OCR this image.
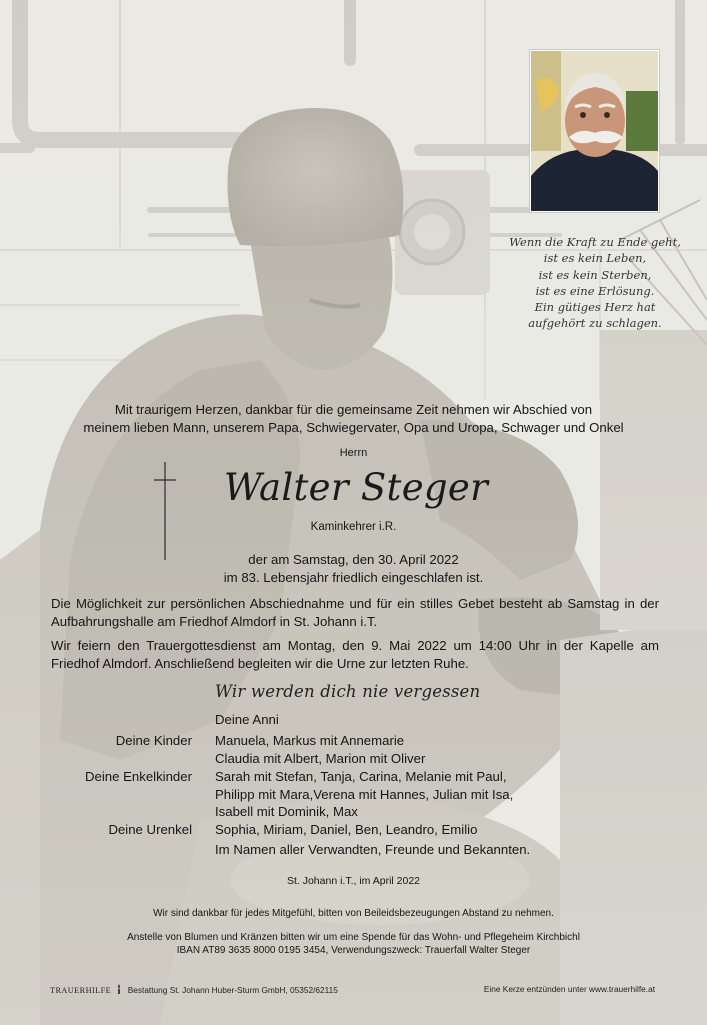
Wenn die Kraft zu Ende geht,
ist es kein Leben,
ist es kein Sterben,
ist es eine Erlösung.
Ein gütiges Herz hat
aufgehört zu schlagen.
Mit traurigem Herzen, dankbar für die gemeinsame Zeit nehmen wir Abschied von
meinem lieben Mann, unserem Papa, Schwiegervater, Opa und Uropa, Schwager und Onkel
Herrn
Walter Steger
Kaminkehrer i.R.
der am Samstag, den 30. April 2022
im 83. Lebensjahr friedlich eingeschlafen ist.
Die Möglichkeit zur persönlichen Abschiednahme und für ein stilles Gebet besteht ab Samstag in der
Aufbahrungshalle am Friedhof Almdorf in St. Johann i.T.
Wir feiern den Trauergottesdienst am Montag, den 9. Mai 2022 um 14:00 Uhr in der Kapelle am
Friedhof Almdorf. Anschließend begleiten wir die Urne zur letzten Ruhe.
Wir werden dich nie vergessen
Deine Anni
Deine Kinder Manuela, Markus mit Annemarie
Claudia mit Albert, Marion mit Oliver
Deine Enkelkinder Sarah mit Stefan, Tanja, Carina, Melanie mit Paul,
Philipp mit Mara,Verena mit Hannes, Julian mit Isa,
Isabell mit Dominik, Max
Deine Urenkel Sophia, Miriam, Daniel, Ben, Leandro, Emilio
Im Namen aller Verwandten, Freunde und Bekannten.
St. Johann i.T., im April 2022
Wir sind dankbar für jedes Mitgefühl, bitten von Beileidsbezeugungen Abstand zu nehmen.
Anstelle von Blumen und Kränzen bitten wir um eine Spende für das Wohn- und Pflegeheim Kirchbichl
IBAN AT89 3635 8000 0195 3454, Verwendungszweck: Trauerfall Walter Steger
TRAUERHILFE Bestattung St. Johann Huber-Sturm GmbH, 05352/62115	Eine Kerze entzünden unter www.trauerhilfe.at
